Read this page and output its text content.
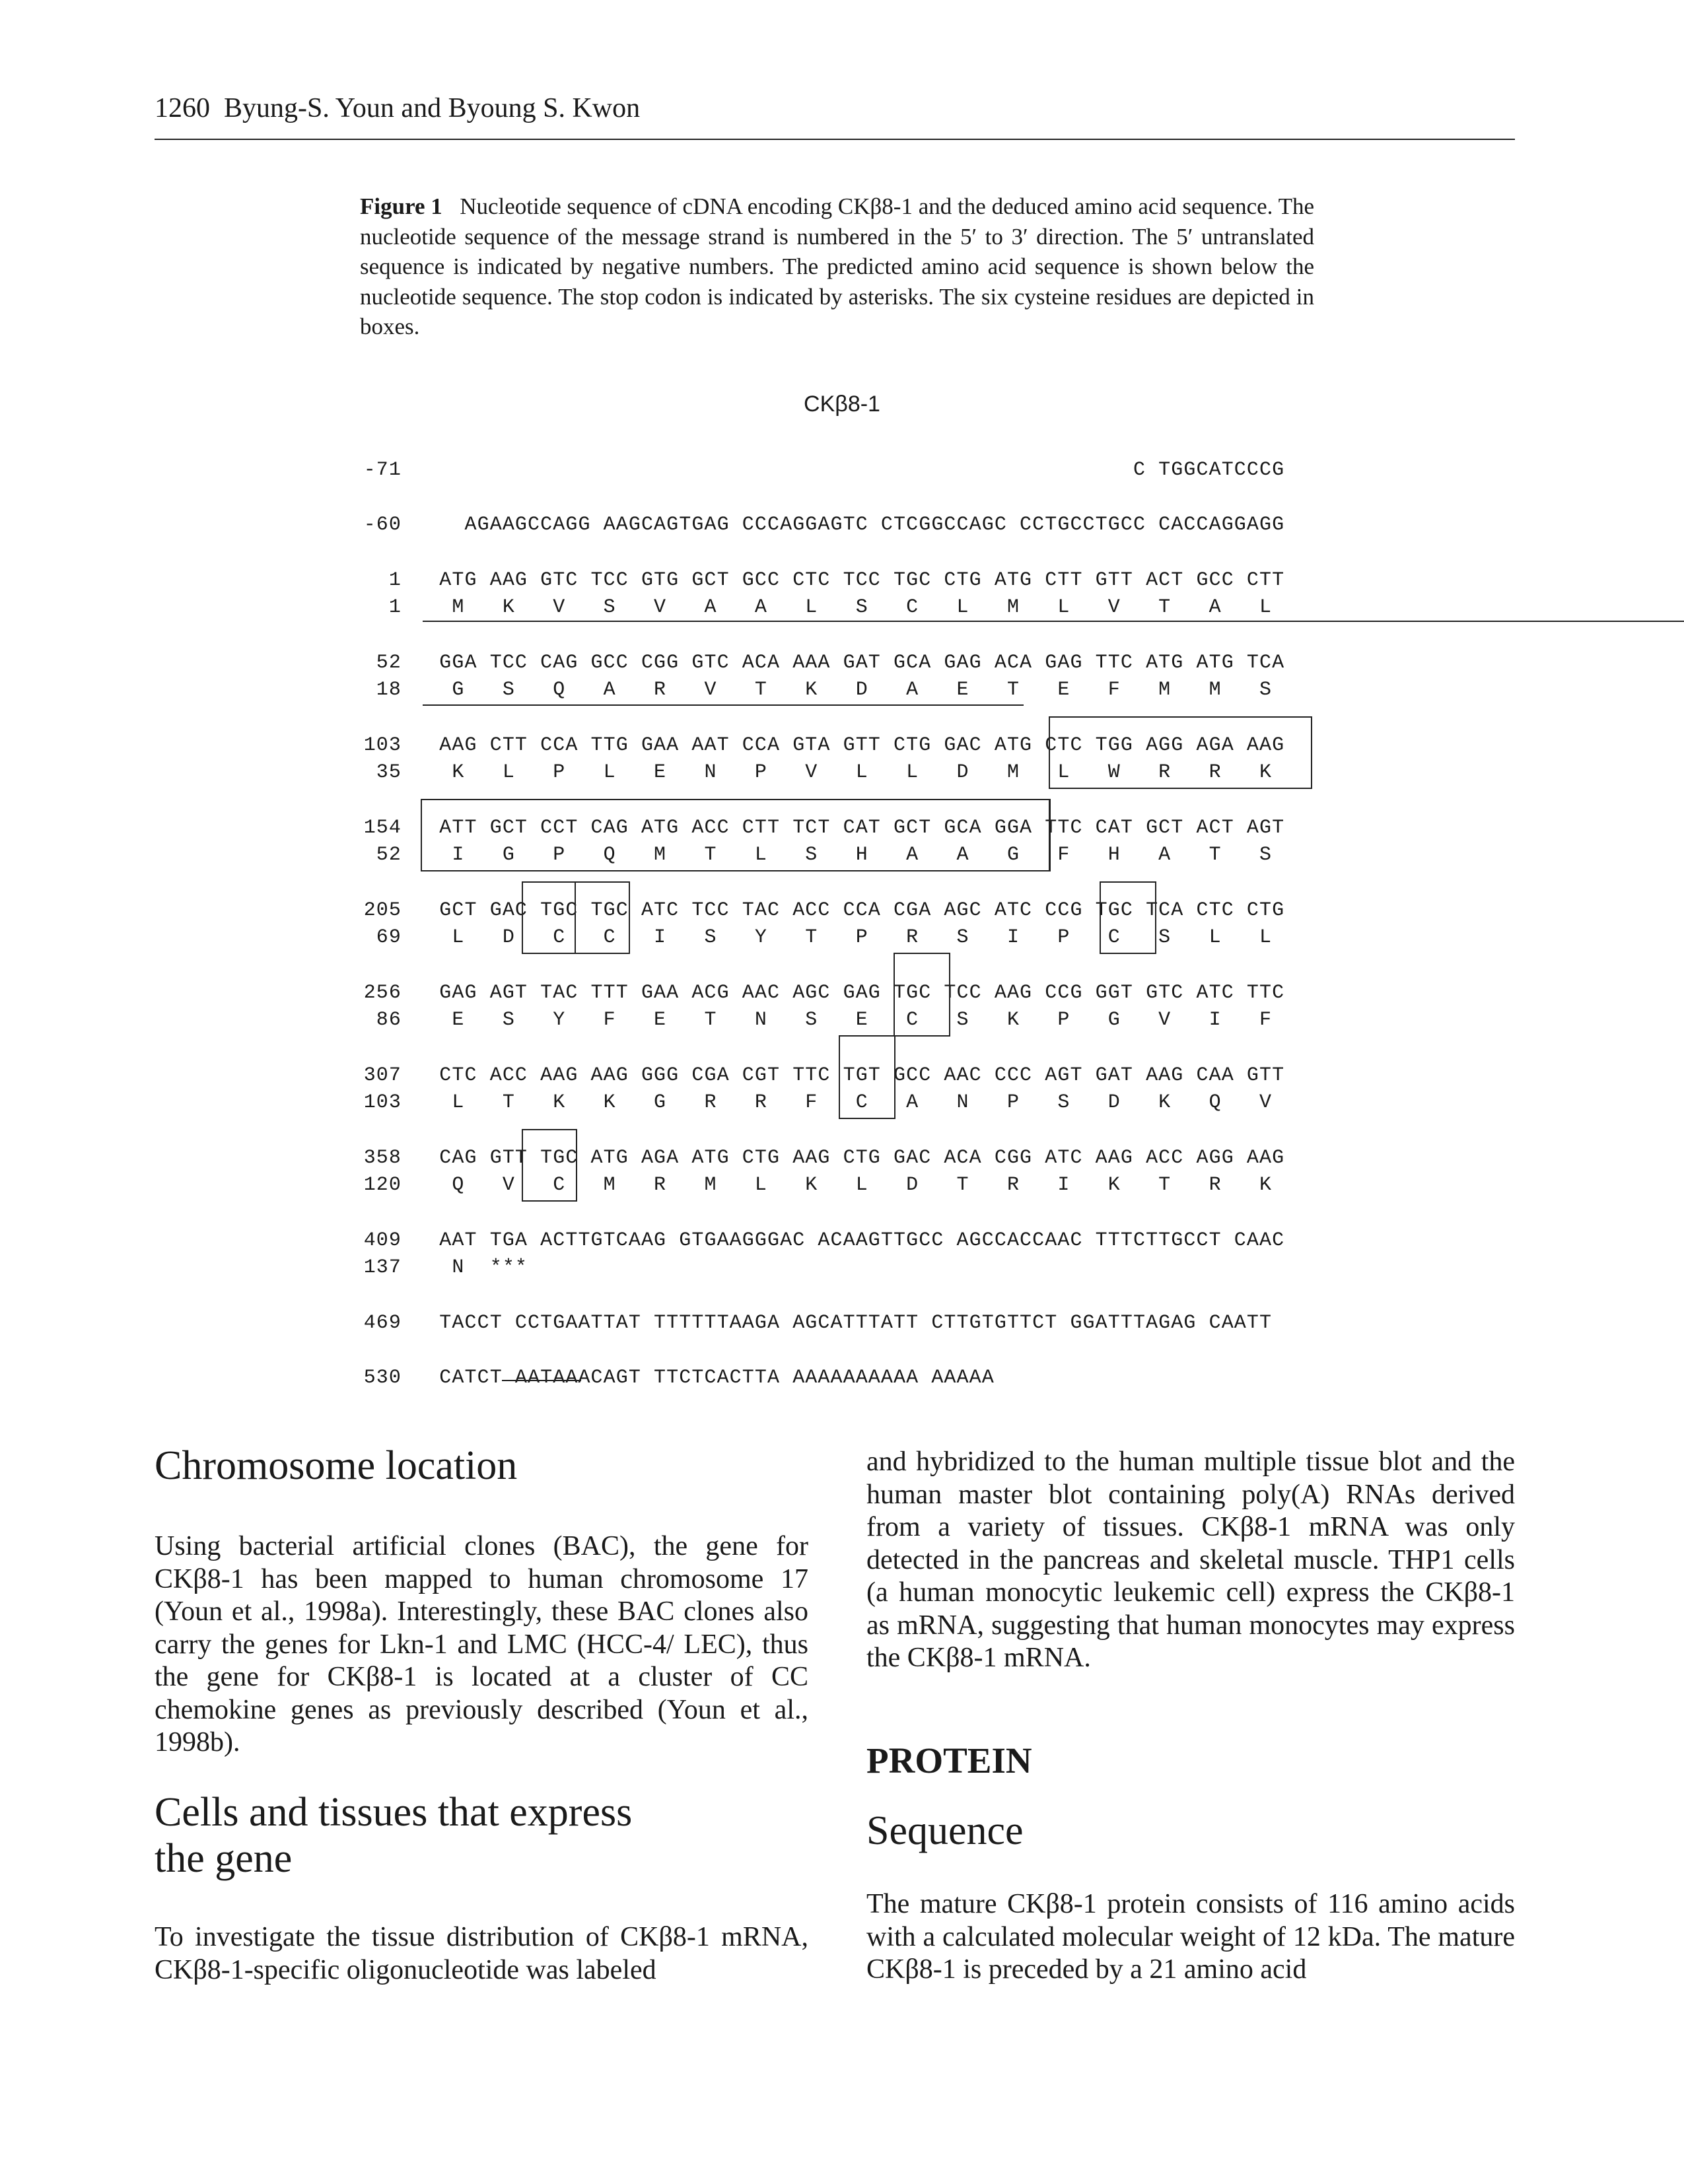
1260 Byung-S. Youn and Byoung S. Kwon
Figure 1 Nucleotide sequence of cDNA encoding CKβ8-1 and the deduced amino acid sequence. The nucleotide sequence of the message strand is numbered in the 5′ to 3′ direction. The 5′ untranslated sequence is indicated by negative numbers. The predicted amino acid sequence is shown below the nucleotide sequence. The stop codon is indicated by asterisks. The six cysteine residues are depicted in boxes.
CKβ8-1
-71                                                          C TGGCATCCCG
-60     AGAAGCCAGG AAGCAGTGAG CCCAGGAGTC CTCGGCCAGC CCTGCCTGCC CACCAGGAGG
1   ATG AAG GTC TCC GTG GCT GCC CTC TCC TGC CTG ATG CTT GTT ACT GCC CTT
1    M   K   V   S   V   A   A   L   S   C   L   M   L   V   T   A   L
52   GGA TCC CAG GCC CGG GTC ACA AAA GAT GCA GAG ACA GAG TTC ATG ATG TCA
18    G   S   Q   A   R   V   T   K   D   A   E   T   E   F   M   M   S
103   AAG CTT CCA TTG GAA AAT CCA GTA GTT CTG GAC ATG CTC TGG AGG AGA AAG
35    K   L   P   L   E   N   P   V   L   L   D   M   L   W   R   R   K
154   ATT GCT CCT CAG ATG ACC CTT TCT CAT GCT GCA GGA TTC CAT GCT ACT AGT
52    I   G   P   Q   M   T   L   S   H   A   A   G   F   H   A   T   S
205   GCT GAC TGC TGC ATC TCC TAC ACC CCA CGA AGC ATC CCG TGC TCA CTC CTG
69    L   D   C   C   I   S   Y   T   P   R   S   I   P   C   S   L   L
256   GAG AGT TAC TTT GAA ACG AAC AGC GAG TGC TCC AAG CCG GGT GTC ATC TTC
86    E   S   Y   F   E   T   N   S   E   C   S   K   P   G   V   I   F
307   CTC ACC AAG AAG GGG CGA CGT TTC TGT GCC AAC CCC AGT GAT AAG CAA GTT
103    L   T   K   K   G   R   R   F   C   A   N   P   S   D   K   Q   V
358   CAG GTT TGC ATG AGA ATG CTG AAG CTG GAC ACA CGG ATC AAG ACC AGG AAG
120    Q   V   C   M   R   M   L   K   L   D   T   R   I   K   T   R   K
409   AAT TGA ACTTGTCAAG GTGAAGGGAC ACAAGTTGCC AGCCACCAAC TTTCTTGCCT CAAC
137    N  ***
469   TACCT CCTGAATTAT TTTTTTAAGA AGCATTTATT CTTGTGTTCT GGATTTAGAG CAATT
530   CATCT AATAAACAGT TTCTCACTTA AAAAAAAAAA AAAAA
Chromosome location

Using bacterial artificial clones (BAC), the gene for CKβ8-1 has been mapped to human chromosome 17 (Youn et al., 1998a). Interestingly, these BAC clones also carry the genes for Lkn-1 and LMC (HCC-4/ LEC), thus the gene for CKβ8-1 is located at a cluster of CC chemokine genes as previously described (Youn et al., 1998b).

Cells and tissues that express
the gene

To investigate the tissue distribution of CKβ8-1 mRNA, CKβ8-1-specific oligonucleotide was labeled

and hybridized to the human multiple tissue blot and the human master blot containing poly(A) RNAs derived from a variety of tissues. CKβ8-1 mRNA was only detected in the pancreas and skeletal muscle. THP1 cells (a human monocytic leukemic cell) express the CKβ8-1 as mRNA, suggesting that human monocytes may express the CKβ8-1 mRNA.

PROTEIN
Sequence

The mature CKβ8-1 protein consists of 116 amino acids with a calculated molecular weight of 12 kDa. The mature CKβ8-1 is preceded by a 21 amino acid
